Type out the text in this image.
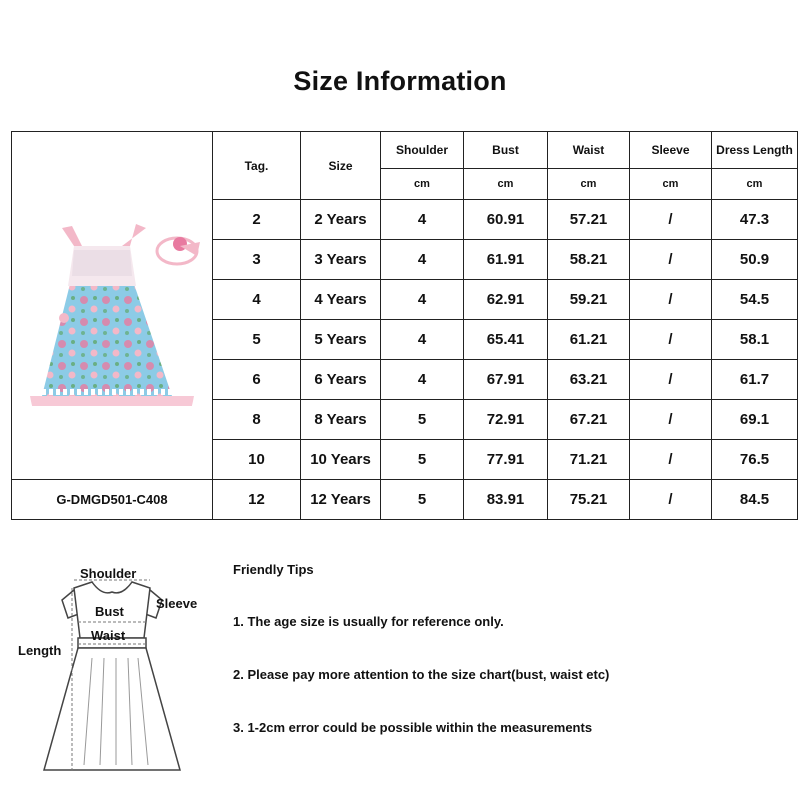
Size Information
	Tag.	Size	Shoulder	Bust	Waist	Sleeve	Dress Length
			cm	cm	cm	cm	cm
	2	2 Years	4	60.91	57.21	/	47.3
	3	3 Years	4	61.91	58.21	/	50.9
	4	4 Years	4	62.91	59.21	/	54.5
	5	5 Years	4	65.41	61.21	/	58.1
	6	6 Years	4	67.91	63.21	/	61.7
	8	8 Years	5	72.91	67.21	/	69.1
	10	10 Years	5	77.91	71.21	/	76.5
G-DMGD501-C408	12	12 Years	5	83.91	75.21	/	84.5
Shoulder
Sleeve
Bust
Waist
Length
Friendly Tips
1. The age size is usually for reference only.
2. Please pay more attention to the size chart(bust, waist etc)
3. 1-2cm error could be possible within the measurements
